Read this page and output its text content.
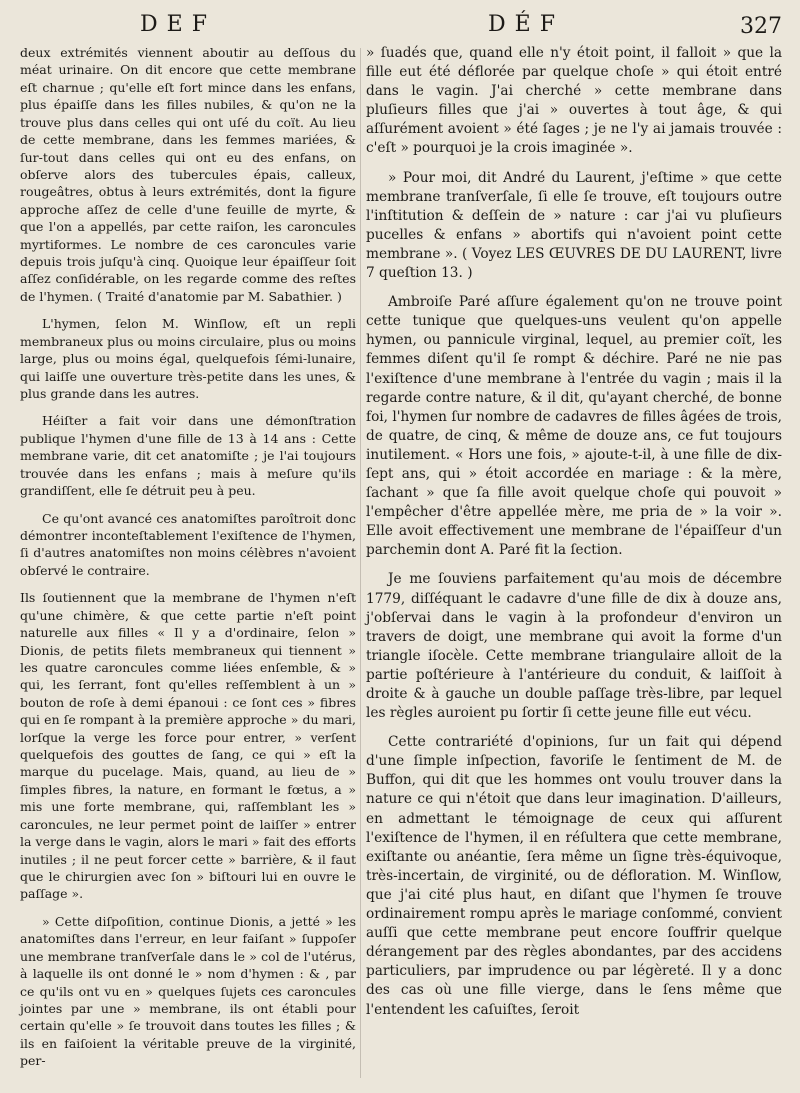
DEF	DÉF	327

deux extrémités viennent aboutir au deſſous du méat urinaire. On dit encore que cette membrane eſt charnue ; qu'elle eſt fort mince dans les enfans, plus épaiſſe dans les filles nubiles, & qu'on ne la trouve plus dans celles qui ont uſé du coït. Au lieu de cette membrane, dans les femmes mariées, & ſur-tout dans celles qui ont eu des enfans, on obſerve alors des tubercules épais, calleux, rougeâtres, obtus à leurs extrémités, dont la figure approche aſſez de celle d'une feuille de myrte, & que l'on a appellés, par cette raiſon, les caroncules myrtiformes. Le nombre de ces caroncules varie depuis trois juſqu'à cinq. Quoique leur épaiſſeur ſoit aſſez conſidérable, on les regarde comme des reſtes de l'hymen. ( Traité d'anatomie par M. Sabathier. )

L'hymen, ſelon M. Winſlow, eſt un repli membraneux plus ou moins circulaire, plus ou moins large, plus ou moins égal, quelquefois ſémi-lunaire, qui laiſſe une ouverture très-petite dans les unes, & plus grande dans les autres.

Héiſter a fait voir dans une démonſtration publique l'hymen d'une fille de 13 à 14 ans : Cette membrane varie, dit cet anatomiſte ; je l'ai toujours trouvée dans les enfans ; mais à meſure qu'ils grandiſſent, elle ſe détruit peu à peu.

Ce qu'ont avancé ces anatomiſtes paroîtroit donc démontrer inconteſtablement l'exiſtence de l'hymen, ſi d'autres anatomiſtes non moins célèbres n'avoient obſervé le contraire.

Ils ſoutiennent que la membrane de l'hymen n'eſt qu'une chimère, & que cette partie n'eſt point naturelle aux filles « Il y a d'ordinaire, ſelon » Dionis, de petits filets membraneux qui tiennent » les quatre caroncules comme liées enſemble, & » qui, les ſerrant, font qu'elles reſſemblent à un » bouton de roſe à demi épanoui : ce ſont ces » fibres qui en ſe rompant à la première approche » du mari, lorſque la verge les force pour entrer, » verſent quelquefois des gouttes de ſang, ce qui » eſt la marque du pucelage. Mais, quand, au lieu de » ſimples fibres, la nature, en formant le fœtus, a » mis une forte membrane, qui, raſſemblant les » caroncules, ne leur permet point de laiſſer » entrer la verge dans le vagin, alors le mari » fait des efforts inutiles ; il ne peut forcer cette » barrière, & il faut que le chirurgien avec ſon » biſtouri lui en ouvre le paſſage ».

» Cette diſpoſition, continue Dionis, a jetté » les anatomiſtes dans l'erreur, en leur faiſant » ſuppoſer une membrane tranſverſale dans le » col de l'utérus, à laquelle ils ont donné le » nom d'hymen : & , par ce qu'ils ont vu en » quelques ſujets ces caroncules jointes par une » membrane, ils ont établi pour certain qu'elle » ſe trouvoit dans toutes les filles ; & ils en faiſoient la véritable preuve de la virginité, per-

» ſuadés que, quand elle n'y étoit point, il falloit » que la fille eut été déflorée par quelque choſe » qui étoit entré dans le vagin. J'ai cherché » cette membrane dans pluſieurs filles que j'ai » ouvertes à tout âge, & qui aſſurément avoient » été ſages ; je ne l'y ai jamais trouvée : c'eſt » pourquoi je la crois imaginée ».

» Pour moi, dit André du Laurent, j'eſtime » que cette membrane tranſverſale, ſi elle ſe trouve, eſt toujours outre l'inſtitution & deſſein de » nature : car j'ai vu pluſieurs pucelles & enfans » abortifs qui n'avoient point cette membrane ». ( Voyez LES ŒUVRES DE DU LAURENT, livre 7 queſtion 13. )

Ambroiſe Paré aſſure également qu'on ne trouve point cette tunique que quelques-uns veulent qu'on appelle hymen, ou pannicule virginal, lequel, au premier coït, les femmes diſent qu'il ſe rompt & déchire. Paré ne nie pas l'exiſtence d'une membrane à l'entrée du vagin ; mais il la regarde contre nature, & il dit, qu'ayant cherché, de bonne foi, l'hymen ſur nombre de cadavres de filles âgées de trois, de quatre, de cinq, & même de douze ans, ce fut toujours inutilement. « Hors une fois, » ajoute-t-il, à une fille de dix-ſept ans, qui » étoit accordée en mariage : & la mère, ſachant » que ſa fille avoit quelque choſe qui pouvoit » l'empêcher d'être appellée mère, me pria de » la voir ». Elle avoit effectivement une membrane de l'épaiſſeur d'un parchemin dont A. Paré fit la ſection.

Je me ſouviens parfaitement qu'au mois de décembre 1779, diſſéquant le cadavre d'une fille de dix à douze ans, j'obſervai dans le vagin à la profondeur d'environ un travers de doigt, une membrane qui avoit la forme d'un triangle iſocèle. Cette membrane triangulaire alloit de la partie poſtérieure à l'antérieure du conduit, & laiſſoit à droite & à gauche un double paſſage très-libre, par lequel les règles auroient pu ſortir ſi cette jeune fille eut vécu.

Cette contrariété d'opinions, ſur un fait qui dépend d'une ſimple inſpection, favoriſe le ſentiment de M. de Buffon, qui dit que les hommes ont voulu trouver dans la nature ce qui n'étoit que dans leur imagination. D'ailleurs, en admettant le témoignage de ceux qui aſſurent l'exiſtence de l'hymen, il en réſultera que cette membrane, exiſtante ou anéantie, ſera même un ſigne très-équivoque, très-incertain, de virginité, ou de défloration. M. Winſlow, que j'ai cité plus haut, en diſant que l'hymen ſe trouve ordinairement rompu après le mariage conſommé, convient auſſi que cette membrane peut encore ſouffrir quelque dérangement par des règles abondantes, par des accidens particuliers, par imprudence ou par légèreté. Il y a donc des cas où une fille vierge, dans le ſens même que l'entendent les caſuiſtes, ſeroit
